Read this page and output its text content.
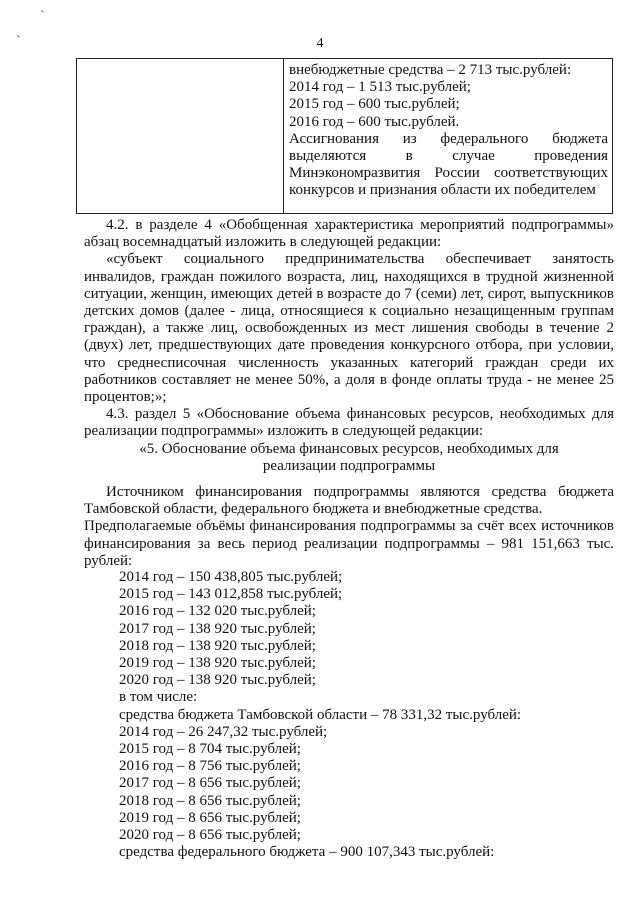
ˋ
ˋ	4
внебюджетные средства – 2 713 тыс.рублей:
2014 год – 1 513 тыс.рублей;
2015 год – 600 тыс.рублей;
2016 год – 600 тыс.рублей.
Ассигнования из федерального бюджета выделяются в случае проведения Минэкономразвития России соответствующих конкурсов и признания области их победителем

4.2. в разделе 4 «Обобщенная характеристика мероприятий подпрограммы» абзац восемнадцатый изложить в следующей редакции:

«субъект социального предпринимательства обеспечивает занятость инвалидов, граждан пожилого возраста, лиц, находящихся в трудной жизненной ситуации, женщин, имеющих детей в возрасте до 7 (семи) лет, сирот, выпускников детских домов (далее - лица, относящиеся к социально незащищенным группам граждан), а также лиц, освобожденных из мест лишения свободы в течение 2 (двух) лет, предшествующих дате проведения конкурсного отбора, при условии, что среднесписочная численность указанных категорий граждан среди их работников составляет не менее 50%, а доля в фонде оплаты труда - не менее 25 процентов;»;

4.3. раздел 5 «Обоснование объема финансовых ресурсов, необходимых для реализации подпрограммы» изложить в следующей редакции:

«5. Обоснование объема финансовых ресурсов, необходимых для

реализации подпрограммы

Источником финансирования подпрограммы являются средства бюджета Тамбовской области, федерального бюджета и внебюджетные средства.

Предполагаемые объёмы финансирования подпрограммы за счёт всех источников финансирования за весь период реализации подпрограммы – 981 151,663 тыс. рублей:

2014 год – 150 438,805 тыс.рублей;
2015 год – 143 012,858 тыс.рублей;
2016 год – 132 020 тыс.рублей;
2017 год – 138 920 тыс.рублей;
2018 год – 138 920 тыс.рублей;
2019 год – 138 920 тыс.рублей;
2020 год – 138 920 тыс.рублей;
в том числе:
средства бюджета Тамбовской области – 78 331,32 тыс.рублей:
2014 год – 26 247,32 тыс.рублей;
2015 год – 8 704 тыс.рублей;
2016 год – 8 756 тыс.рублей;
2017 год – 8 656 тыс.рублей;
2018 год – 8 656 тыс.рублей;
2019 год – 8 656 тыс.рублей;
2020 год – 8 656 тыс.рублей;
средства федерального бюджета – 900 107,343 тыс.рублей:
